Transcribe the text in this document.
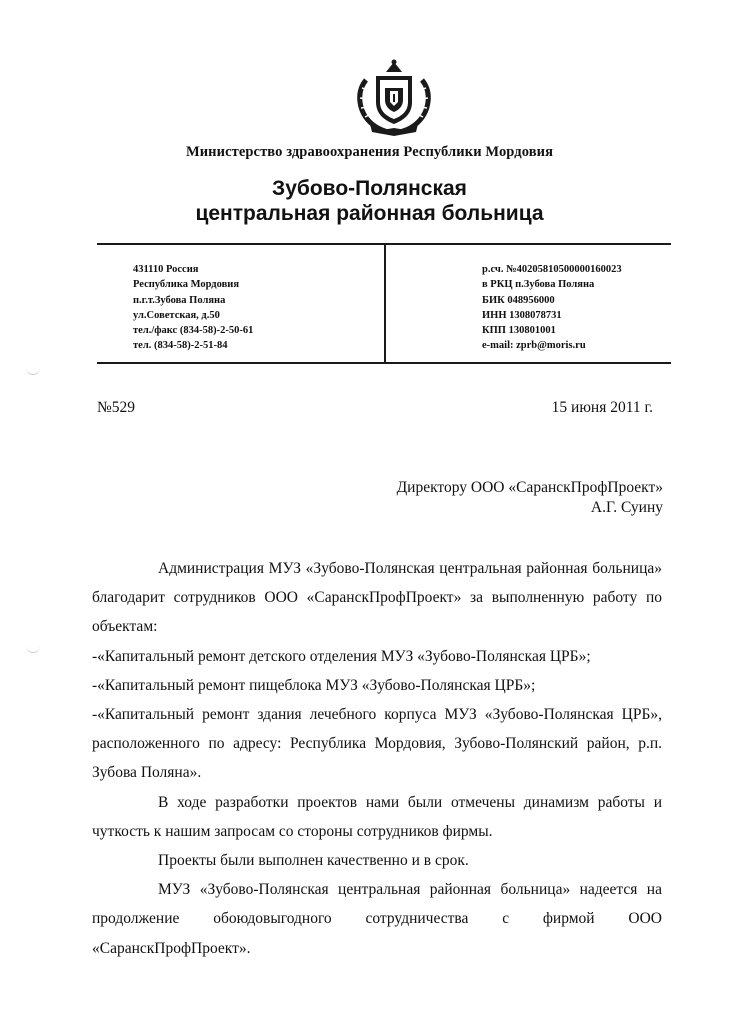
Министерство здравоохранения Республики Мордовия
Зубово-Полянская
центральная районная больница
431110 Россия
Республика Мордовия
п.г.т.Зубова Поляна
ул.Советская, д.50
тел./факс (834-58)-2-50-61
тел. (834-58)-2-51-84
р.сч. №40205810500000160023
в РКЦ п.Зубова Поляна
БИК 048956000
ИНН 1308078731
КПП 130801001
e-mail: zprb@moris.ru
№529	15 июня 2011 г.
Директору ООО «СаранскПрофПроект»
А.Г. Суину
Администрация МУЗ «Зубово-Полянская центральная районная больница» благодарит сотрудников ООО «СаранскПрофПроект» за выполненную работу по объектам:
-«Капитальный ремонт детского отделения МУЗ «Зубово-Полянская ЦРБ»;
-«Капитальный ремонт пищеблока МУЗ «Зубово-Полянская ЦРБ»;
-«Капитальный ремонт здания лечебного корпуса МУЗ «Зубово-Полянская ЦРБ», расположенного по адресу: Республика Мордовия, Зубово-Полянский район, р.п. Зубова Поляна».
В ходе разработки проектов нами были отмечены динамизм работы и чуткость к нашим запросам со стороны сотрудников фирмы.
Проекты были выполнен качественно и в срок.
МУЗ «Зубово-Полянская центральная районная больница» надеется на продолжение обоюдовыгодного сотрудничества с фирмой ООО «СаранскПрофПроект».
